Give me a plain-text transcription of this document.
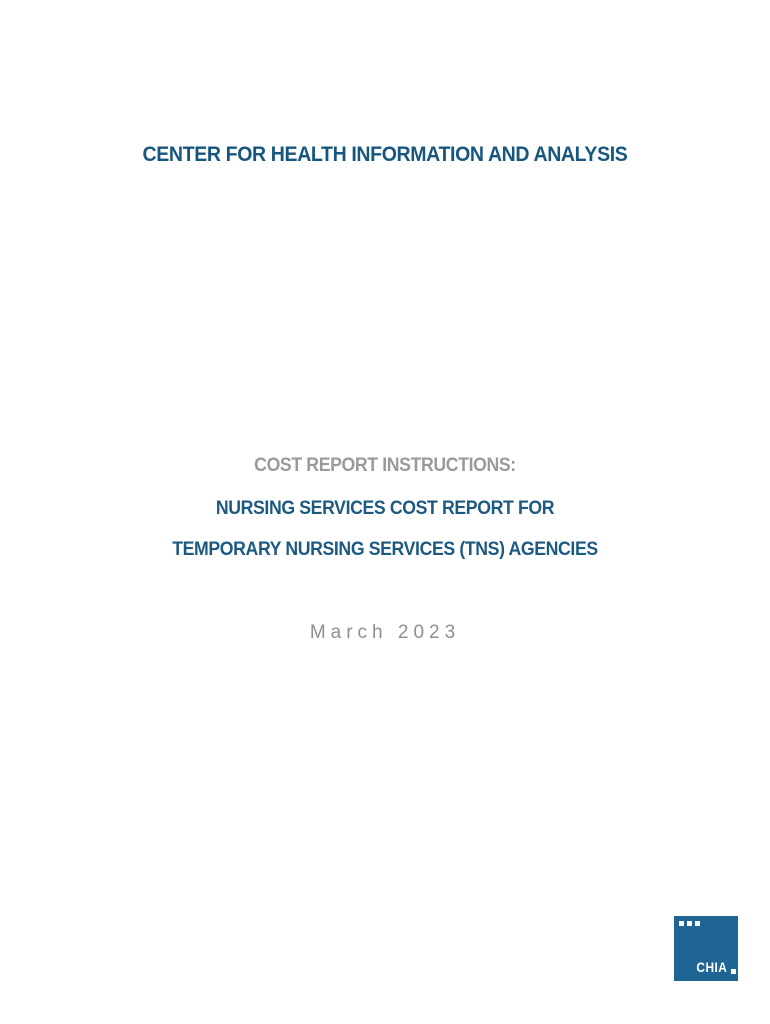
CENTER FOR HEALTH INFORMATION AND ANALYSIS
COST REPORT INSTRUCTIONS:
NURSING SERVICES COST REPORT FOR
TEMPORARY NURSING SERVICES (TNS) AGENCIES
March 2023
CHIA
